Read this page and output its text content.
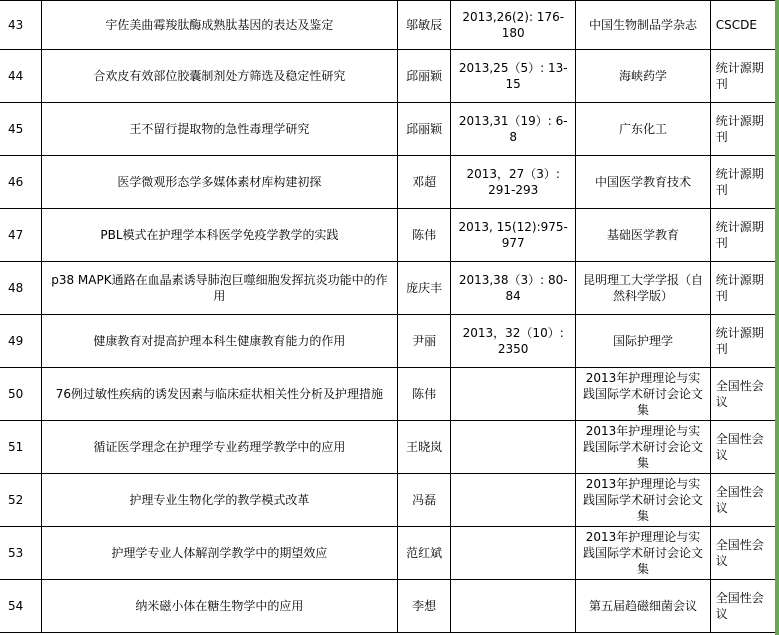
43	宇佐美曲霉羧肽酶成熟肽基因的表达及鉴定	邬敏辰	2013,26(2): 176-180	中国生物制品学杂志	CSCDE
44	合欢皮有效部位胶囊制剂处方筛选及稳定性研究	邱丽颖	2013,25（5）: 13-15	海峡药学	统计源期刊
45	王不留行提取物的急性毒理学研究	邱丽颖	2013,31（19）: 6-8	广东化工	统计源期刊
46	医学微观形态学多媒体素材库构建初探	邓超	2013，27（3）: 291-293	中国医学教育技术	统计源期刊
47	PBL模式在护理学本科医学免疫学教学的实践	陈伟	2013, 15(12):975-977	基础医学教育	统计源期刊
48	p38 MAPK通路在血晶素诱导肺泡巨噬细胞发挥抗炎功能中的作用	庞庆丰	2013,38（3）: 80-84	昆明理工大学学报（自然科学版）	统计源期刊
49	健康教育对提高护理本科生健康教育能力的作用	尹丽	2013，32（10）: 2350	国际护理学	统计源期刊
50	76例过敏性疾病的诱发因素与临床症状相关性分析及护理措施	陈伟		2013年护理理论与实践国际学术研讨会论文集	全国性会议
51	循证医学理念在护理学专业药理学教学中的应用	王晓岚		2013年护理理论与实践国际学术研讨会论文集	全国性会议
52	护理专业生物化学的教学模式改革	冯磊		2013年护理理论与实践国际学术研讨会论文集	全国性会议
53	护理学专业人体解剖学教学中的期望效应	范红斌		2013年护理理论与实践国际学术研讨会论文集	全国性会议
54	纳米磁小体在糖生物学中的应用	李想		第五届趋磁细菌会议	全国性会议
